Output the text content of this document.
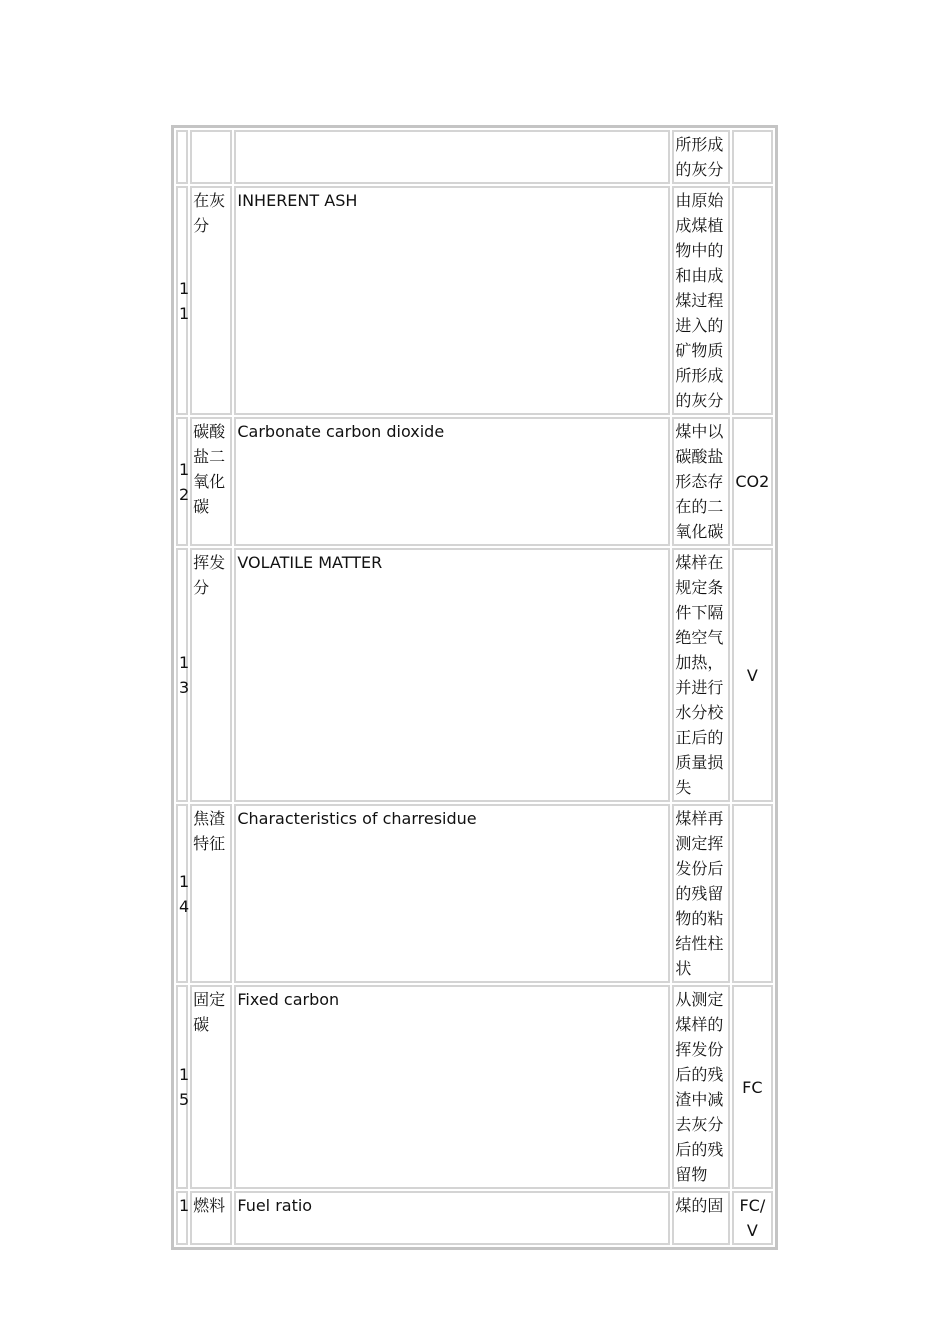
			所形成的灰分	
11	在灰分	INHERENT ASH	由原始成煤植物中的和由成煤过程进入的矿物质所形成的灰分	
12	碳酸盐二氧化碳	Carbonate carbon dioxide	煤中以碳酸盐形态存在的二氧化碳	CO2
13	挥发分	VOLATILE MATTER	煤样在规定条件下隔绝空气加热，并进行水分校正后的质量损失	V
14	焦渣特征	Characteristics of charresidue	煤样再测定挥发份后的残留物的粘结性柱状	
15	固定碳	Fixed carbon	从测定煤样的挥发份后的残渣中减去灰分后的残留物	FC
1	燃料	Fuel ratio	煤的固	FC/V
